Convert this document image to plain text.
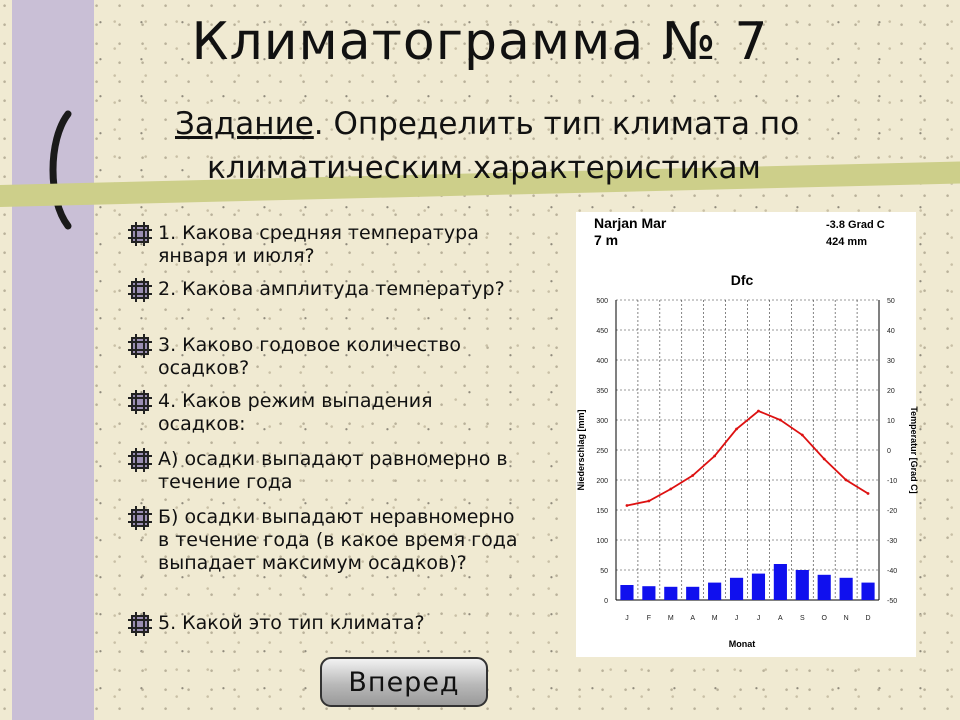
Климатограмма № 7
Задание. Определить тип климата по
климатическим характеристикам
1. Какова средняя температура января и июля?
2. Какова амплитуда температур?
3. Каково годовое количество осадков?
4. Каков режим выпадения осадков:
А) осадки выпадают равномерно в течение года
Б) осадки выпадают неравномерно в течение года (в какое время года выпадает максимум осадков)?
5. Какой это тип климата?
Narjan Mar
7 m
-3.8 Grad C
424 mm
Dfc
Niederschlag [mm]	Temperatur [Grad C]
Monat
0
50
100
150
200
250
300
350
400
450
500
-50
-40
-30
-20
-10
0
10
20
30
40
50
J	F M A M J	J	A S O N D
Вперед
